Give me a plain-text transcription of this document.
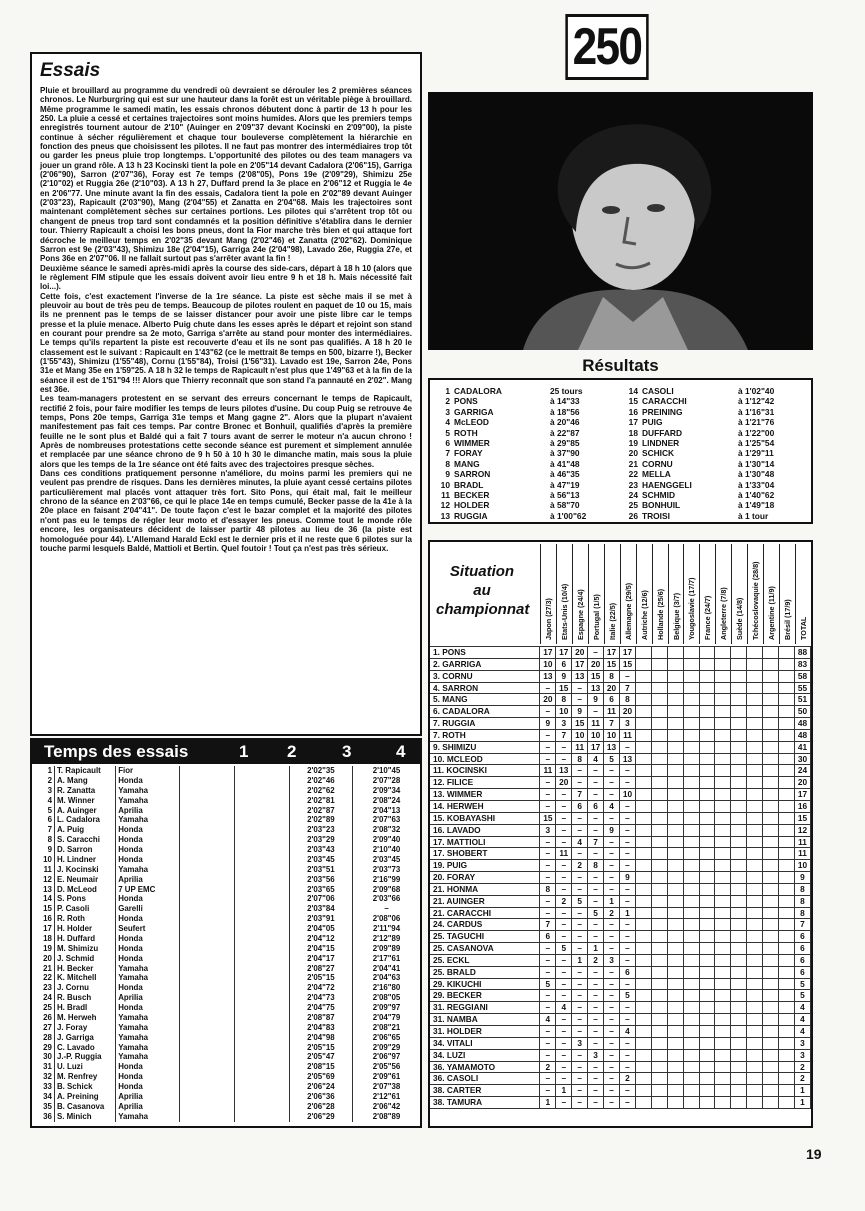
250
Essais
Pluie et brouillard au programme du vendredi où devraient se dérouler les 2 premières séances chronos. Le Nurburgring qui est sur une hauteur dans la forêt est un véritable piège à brouillard. Même programme le samedi matin, les essais chronos débutent donc à partir de 13 h pour les 250. La pluie a cessé et certaines trajectoires sont moins humides. Alors que les premiers temps enregistrés tournent autour de 2'10" (Auinger en 2'09"37 devant Kocinski en 2'09"00), la piste continue à sécher régulièrement et chaque tour bouleverse complètement la hiérarchie en fonction des pneus que choisissent les pilotes. Il ne faut pas montrer des intermédiaires trop tôt ou garder les pneus pluie trop longtemps. L'opportunité des pilotes ou des team managers va jouer un grand rôle. A 13 h 23 Kocinski tient la pole en 2'05"14 devant Cadalora (2'06"15), Garriga (2'06"90), Sarron (2'07"36), Foray est 7e temps (2'08"05), Pons 19e (2'09"29), Shimizu 25e (2'10"02) et Ruggia 26e (2'10"03). A 13 h 27, Duffard prend la 3e place en 2'06"12 et Ruggia le 4e en 2'06"77. Une minute avant la fin des essais, Cadalora tient la pole en 2'02"89 devant Auinger (2'03"23), Rapicault (2'03"90), Mang (2'04"55) et Zanatta en 2'04"68. Mais les trajectoires sont maintenant complètement sèches sur certaines portions. Les pilotes qui s'arrêtent trop tôt ou changent de pneus trop tard sont condamnés et la position définitive s'établira dans le dernier tour. Thierry Rapicault a choisi les bons pneus, dont la Fior marche très bien et qui attaque fort décroche le meilleur temps en 2'02"35 devant Mang (2'02"46) et Zanatta (2'02"62). Dominique Sarron est 9e (2'03"43), Shimizu 18e (2'04"15), Garriga 24e (2'04"98), Lavado 26e, Ruggia 27e, et Pons 36e en 2'07"06. Il ne fallait surtout pas s'arrêter avant la fin !
Deuxième séance le samedi après-midi après la course des side-cars, départ à 18 h 10 (alors que le règlement FIM stipule que les essais doivent avoir lieu entre 9 h et 18 h. Mais nécessité fait loi...).
Cette fois, c'est exactement l'inverse de la 1re séance. La piste est sèche mais il se met à pleuvoir au bout de très peu de temps. Beaucoup de pilotes roulent en paquet de 10 ou 15, mais ils ne prennent pas le temps de se laisser distancer pour avoir une piste libre car le temps presse et la pluie menace. Alberto Puig chute dans les esses après le départ et rejoint son stand en courant pour prendre sa 2e moto, Garriga s'arrête au stand pour monter des intermédiaires. Le temps qu'ils repartent la piste est recouverte d'eau et ils ne sont pas qualifiés. A 18 h 20 le classement est le suivant : Rapicault en 1'43"62 (ce le mettrait 8e temps en 500, bizarre !), Becker (1'55"43), Shimizu (1'55"48), Cornu (1'55"84), Troisi (1'56"31). Lavado est 19e, Sarron 24e, Pons 31e et Mang 35e en 1'59"25. A 18 h 32 le temps de Rapicault n'est plus que 1'49"63 et à la fin de la séance il est de 1'51"94 !!! Alors que Thierry reconnaît que son stand l'a pannauté en 2'02". Mang est 36e.
Les team-managers protestent en se servant des erreurs concernant le temps de Rapicault, rectifié 2 fois, pour faire modifier les temps de leurs pilotes d'usine. Du coup Puig se retrouve 4e temps, Pons 20e temps, Garriga 31e temps et Mang gagne 2". Alors que la plupart n'avaient manifestement pas fait ces temps. Par contre Bronec et Bonhuil, qualifiés d'après la première feuille ne le sont plus et Baldé qui a fait 7 tours avant de serrer le moteur n'a aucun chrono ! Après de nombreuses protestations cette seconde séance est purement et simplement annulée et remplacée par une séance chrono de 9 h 50 à 10 h 30 le dimanche matin, mais sous la pluie alors que les temps de la 1re séance ont été faits avec des trajectoires presque sèches.
Dans ces conditions pratiquement personne n'améliore, du moins parmi les premiers qui ne veulent pas prendre de risques. Dans les dernières minutes, la pluie ayant cessé certains pilotes particulièrement mal placés vont attaquer très fort. Sito Pons, qui était mal, fait le meilleur chrono de la séance en 2'03"66, ce qui le place 14e en temps cumulé, Becker passe de la 41e à la 20e place en faisant 2'04"41". De toute façon c'est le bazar complet et la majorité des pilotes n'ont pas eu le temps de régler leur moto et d'essayer les pneus. Comme tout le monde rôle encore, les organisateurs décident de laisser partir 48 pilotes au lieu de 36 (la piste est homologuée pour 44). L'Allemand Harald Eckl est le dernier pris et il ne reste que 6 pilotes sur la touche parmi lesquels Baldé, Mattioli et Bertin. Quel foutoir ! Tout ça n'est pas très sérieux.
Résultats
1 CADALORA	25 tours
2 PONS	à 14"33
3 GARRIGA	à 18"56
4 McLEOD	à 20"46
5 ROTH	à 22"87
6 WIMMER	à 29"85
7 FORAY	à 37"90
8 MANG	à 41"48
9 SARRON	à 46"35
10 BRADL	à 47"19
11 BECKER	à 56"13
12 HOLDER	à 58"70
13 RUGGIA	à 1'00"62
14 CASOLI	à 1'02"40
15 CARACCHI	à 1'12"42
16 PREINING	à 1'16"31
17 PUIG	à 1'21"76
18 DUFFARD	à 1'22"00
19 LINDNER	à 1'25"54
20 SCHICK	à 1'29"11
21 CORNU	à 1'30"14
22 MELLA	à 1'30"48
23 HAENGGELI	à 1'33"04
24 SCHMID	à 1'40"62
25 BONHUIL	à 1'49"18
26 TROISI	à 1 tour
Temps des essais	1 2	3	4
1	T. Rapicault	Fior			2'02"35	2'10"45
2	A. Mang	Honda			2'02"46	2'07"28
3	R. Zanatta	Yamaha			2'02"62	2'09"34
4	M. Winner	Yamaha			2'02"81	2'08"24
5	A. Auinger	Aprilia			2'02"87	2'04"13
6	L. Cadalora	Yamaha			2'02"89	2'07"63
7	A. Puig	Honda			2'03"23	2'08"32
8	S. Caracchi	Honda			2'03"29	2'09"40
9	D. Sarron	Honda			2'03"43	2'10"40
10	H. Lindner	Honda			2'03"45	2'03"45
11	J. Kocinski	Yamaha			2'03"51	2'03"73
12	E. Neumair	Aprilia			2'03"56	2'16"99
13	D. McLeod	7 UP EMC			2'03"65	2'09"68
14	S. Pons	Honda			2'07"06	2'03"66
15	P. Casoli	Garelli			2'03"84	–
16	R. Roth	Honda			2'03"91	2'08"06
17	H. Holder	Seufert			2'04"05	2'11"94
18	H. Duffard	Honda			2'04"12	2'12"89
19	M. Shimizu	Honda			2'04"15	2'09"89
20	J. Schmid	Honda			2'04"17	2'17"61
21	H. Becker	Yamaha			2'08"27	2'04"41
22	K. Mitchell	Yamaha			2'05"15	2'04"63
23	J. Cornu	Honda			2'04"72	2'16"80
24	R. Busch	Aprilia			2'04"73	2'08"05
25	H. Bradl	Honda			2'04"75	2'09"97
26	M. Herweh	Yamaha			2'08"87	2'04"79
27	J. Foray	Yamaha			2'04"83	2'08"21
28	J. Garriga	Yamaha			2'04"98	2'06"65
29	C. Lavado	Yamaha			2'05"15	2'09"29
30	J.-P. Ruggia	Yamaha			2'05"47	2'06"97
31	U. Luzi	Honda			2'08"15	2'05"56
32	M. Renfrey	Honda			2'05"69	2'09"61
33	B. Schick	Honda			2'06"24	2'07"38
34	A. Preining	Aprilia			2'06"36	2'12"61
35	B. Casanova	Aprilia			2'06"28	2'06"42
36	S. Minich	Yamaha			2'06"29	2'08"89
Situation
au
championnat Japon (27/3) Etats-Unis (10/4) Espagne (24/4) Portugal (1/5) Italie (22/5) Allemagne (29/5) Autriche (12/6) Hollande (25/6) Belgique (3/7) Yougoslavie (17/7) France (24/7) Angleterre (7/8) Suède (14/8) Tchécoslovaquie (28/8) Argentine (11/9) Brésil (17/9) TOTAL
1. PONS	17	17	20	–	17	17											88
2. GARRIGA	10	6	17	20	15	15											83
3. CORNU	13	9	13	15	8	–											58
4. SARRON	–	15	–	13	20	7											55
5. MANG	20	8	–	9	6	8											51
6. CADALORA	–	10	9	–	11	20											50
7. RUGGIA	9	3	15	11	7	3											48
7. ROTH	–	7	10	10	10	11											48
9. SHIMIZU	–	–	11	17	13	–											41
10. MCLEOD	–	–	8	4	5	13											30
11. KOCINSKI	11	13	–	–	–	–											24
12. FILICE	–	20	–	–	–	–											20
13. WIMMER	–	–	7	–	–	10											17
14. HERWEH	–	–	6	6	4	–											16
15. KOBAYASHI	15	–	–	–	–	–											15
16. LAVADO	3	–	–	–	9	–											12
17. MATTIOLI	–	–	4	7	–	–											11
17. SHOBERT	–	11	–	–	–	–											11
19. PUIG	–	–	2	8	–	–											10
20. FORAY	–	–	–	–	–	9											9
21. HONMA	8	–	–	–	–	–											8
21. AUINGER	–	2	5	–	1	–											8
21. CARACCHI	–	–	–	5	2	1											8
24. CARDUS	7	–	–	–	–	–											7
25. TAGUCHI	6	–	–	–	–	–											6
25. CASANOVA	–	5	–	1	–	–											6
25. ECKL	–	–	1	2	3	–											6
25. BRALD	–	–	–	–	–	6											6
29. KIKUCHI	5	–	–	–	–	–											5
29. BECKER	–	–	–	–	–	5											5
31. REGGIANI	–	4	–	–	–	–											4
31. NAMBA	4	–	–	–	–	–											4
31. HOLDER	–	–	–	–	–	4											4
34. VITALI	–	–	3	–	–	–											3
34. LUZI	–	–	–	3	–	–											3
36. YAMAMOTO	2	–	–	–	–	–											2
36. CASOLI	–	–	–	–	–	2											2
38. CARTER	–	1	–	–	–	–											1
38. TAMURA	1	–	–	–	–	–											1
19
